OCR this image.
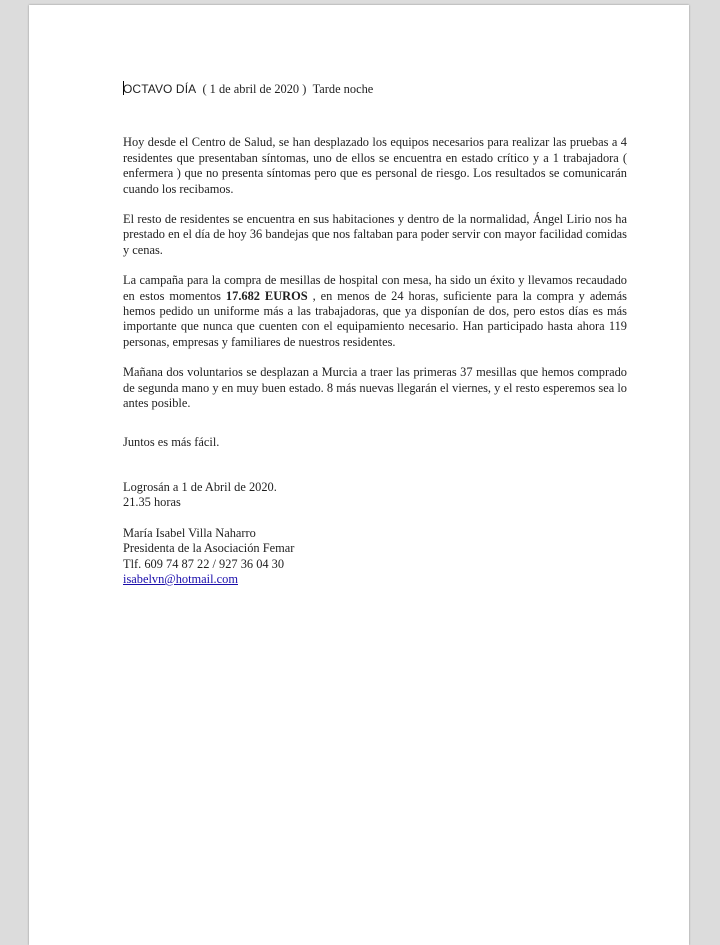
OCTAVO DÍA ( 1 de abril de 2020 ) Tarde noche

Hoy desde el Centro de Salud, se han desplazado los equipos necesarios para realizar las pruebas a 4 residentes que presentaban síntomas, uno de ellos se encuentra en estado crítico y a 1 trabajadora ( enfermera ) que no presenta síntomas pero que es personal de riesgo. Los resultados se comunicarán cuando los recibamos.

El resto de residentes se encuentra en sus habitaciones y dentro de la normalidad, Ángel Lirio nos ha prestado en el día de hoy 36 bandejas que nos faltaban para poder servir con mayor facilidad comidas y cenas.

La campaña para la compra de mesillas de hospital con mesa, ha sido un éxito y llevamos recaudado en estos momentos 17.682 EUROS , en menos de 24 horas, suficiente para la compra y además hemos pedido un uniforme más a las trabajadoras, que ya disponían de dos, pero estos días es más importante que nunca que cuenten con el equipamiento necesario. Han participado hasta ahora 119 personas, empresas y familiares de nuestros residentes.

Mañana dos voluntarios se desplazan a Murcia a traer las primeras 37 mesillas que hemos comprado de segunda mano y en muy buen estado. 8 más nuevas llegarán el viernes, y el resto esperemos sea lo antes posible.

Juntos es más fácil.

Logrosán a 1 de Abril de 2020.
21.35 horas
María Isabel Villa Naharro
Presidenta de la Asociación Femar
Tlf. 609 74 87 22 / 927 36 04 30
isabelvn@hotmail.com
